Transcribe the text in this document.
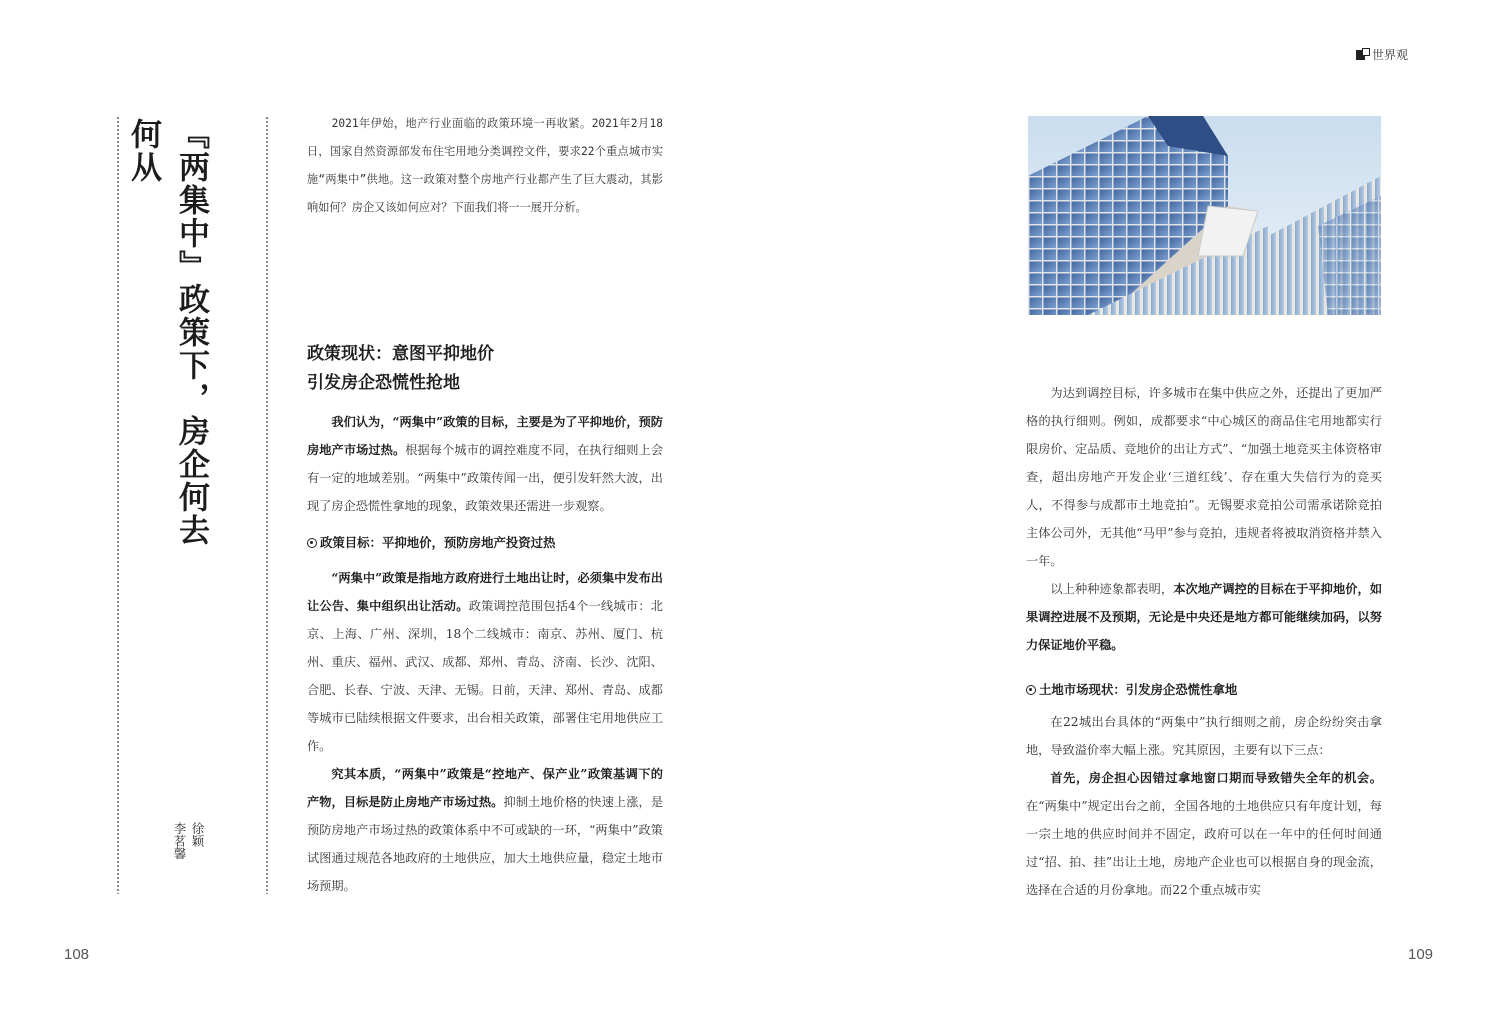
『两集中』政策下，房企何去何从
徐颖
李茗馨

2021年伊始，地产行业面临的政策环境一再收紧。2021年2月18日，国家自然资源部发布住宅用地分类调控文件，要求22个重点城市实施“两集中”供地。这一政策对整个房地产行业都产生了巨大震动，其影响如何？房企又该如何应对？下面我们将一一展开分析。

政策现状：意图平抑地价
引发房企恐慌性抢地

我们认为，“两集中”政策的目标，主要是为了平抑地价，预防房地产市场过热。根据每个城市的调控难度不同，在执行细则上会有一定的地域差别。“两集中”政策传闻一出，便引发轩然大波，出现了房企恐慌性拿地的现象，政策效果还需进一步观察。

政策目标：平抑地价，预防房地产投资过热

“两集中”政策是指地方政府进行土地出让时，必须集中发布出让公告、集中组织出让活动。政策调控范围包括4个一线城市：北京、上海、广州、深圳，18个二线城市：南京、苏州、厦门、杭州、重庆、福州、武汉、成都、郑州、青岛、济南、长沙、沈阳、合肥、长春、宁波、天津、无锡。日前，天津、郑州、青岛、成都等城市已陆续根据文件要求，出台相关政策，部署住宅用地供应工作。

究其本质，“两集中”政策是“控地产、保产业”政策基调下的产物，目标是防止房地产市场过热。抑制土地价格的快速上涨，是预防房地产市场过热的政策体系中不可或缺的一环，“两集中”政策试图通过规范各地政府的土地供应，加大土地供应量，稳定土地市场预期。

108
世界观

为达到调控目标，许多城市在集中供应之外，还提出了更加严格的执行细则。例如，成都要求“中心城区的商品住宅用地都实行限房价、定品质、竞地价的出让方式”、“加强土地竞买主体资格审查，超出房地产开发企业‘三道红线’、存在重大失信行为的竞买人，不得参与成都市土地竞拍”。无锡要求竞拍公司需承诺除竞拍主体公司外，无其他“马甲”参与竞拍，违规者将被取消资格并禁入一年。

以上种种迹象都表明，本次地产调控的目标在于平抑地价，如果调控进展不及预期，无论是中央还是地方都可能继续加码，以努力保证地价平稳。

土地市场现状：引发房企恐慌性拿地

在22城出台具体的“两集中”执行细则之前，房企纷纷突击拿地，导致溢价率大幅上涨。究其原因，主要有以下三点：

首先，房企担心因错过拿地窗口期而导致错失全年的机会。在“两集中”规定出台之前，全国各地的土地供应只有年度计划，每一宗土地的供应时间并不固定，政府可以在一年中的任何时间通过“招、拍、挂”出让土地，房地产企业也可以根据自身的现金流，选择在合适的月份拿地。而22个重点城市实

109
